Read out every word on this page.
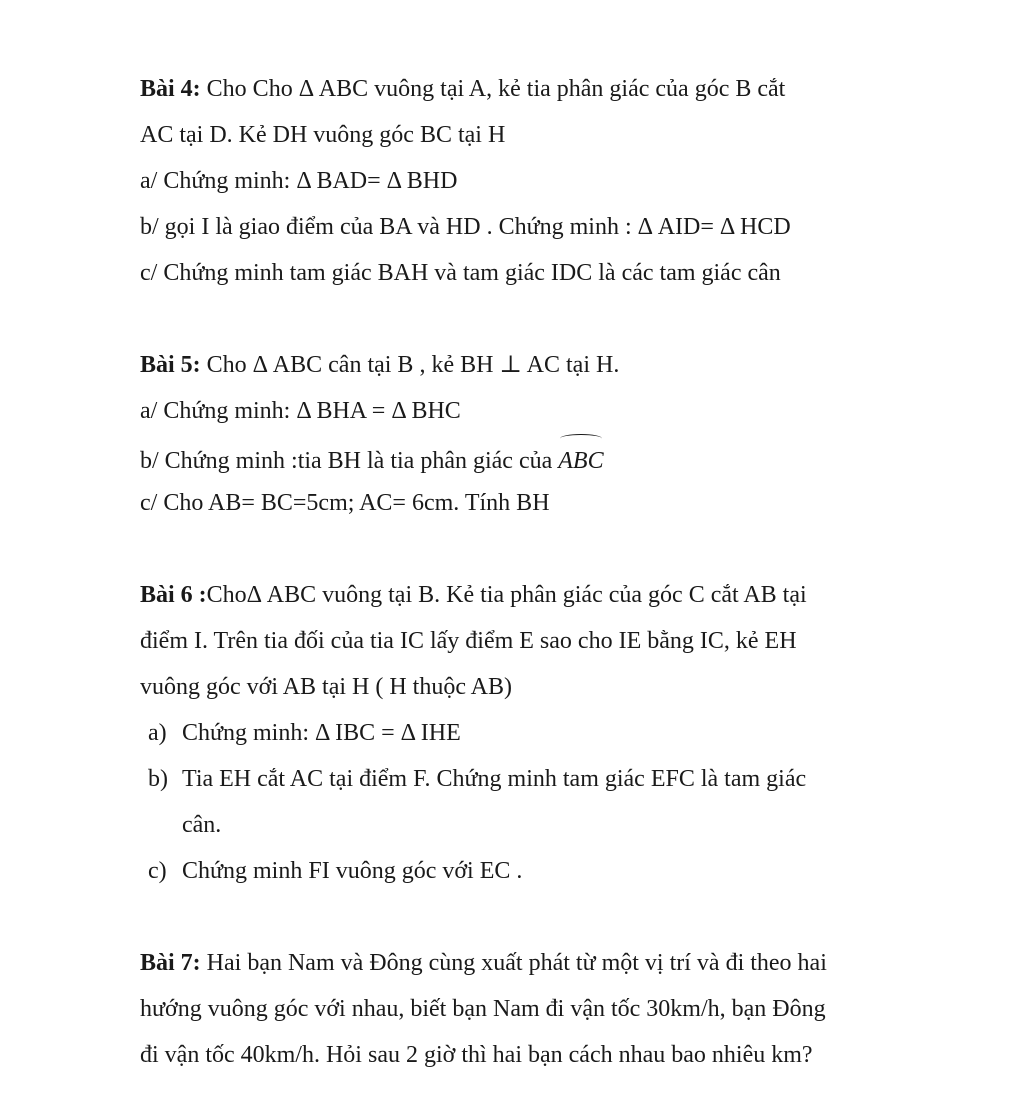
Bài 4: Cho Cho Δ ABC vuông tại A, kẻ tia phân giác của góc B cắt
AC tại D. Kẻ DH vuông góc BC tại H
a/ Chứng minh: Δ BAD= Δ BHD
b/ gọi I là giao điểm của BA và HD . Chứng minh : Δ AID= Δ HCD
c/ Chứng minh tam giác BAH và tam giác IDC là các tam giác cân
Bài 5: Cho Δ ABC cân tại B , kẻ BH ⊥ AC tại H.
a/ Chứng minh: Δ BHA = Δ BHC
b/ Chứng minh :tia BH là tia phân giác của ABC
c/ Cho AB= BC=5cm; AC= 6cm. Tính BH
Bài 6 :ChoΔ ABC vuông tại B. Kẻ tia phân giác của góc C cắt AB tại
điểm I. Trên tia đối của tia IC lấy điểm E sao cho IE bằng IC, kẻ EH
vuông góc với AB tại H ( H thuộc AB)
a) Chứng minh: Δ IBC = Δ IHE
b) Tia EH cắt AC tại điểm F. Chứng minh tam giác EFC là tam giác
cân.
c) Chứng minh FI vuông góc với EC .
Bài 7: Hai bạn Nam và Đông cùng xuất phát từ một vị trí và đi theo hai
hướng vuông góc với nhau, biết bạn Nam đi vận tốc 30km/h, bạn Đông
đi vận tốc 40km/h. Hỏi sau 2 giờ thì hai bạn cách nhau bao nhiêu km?
